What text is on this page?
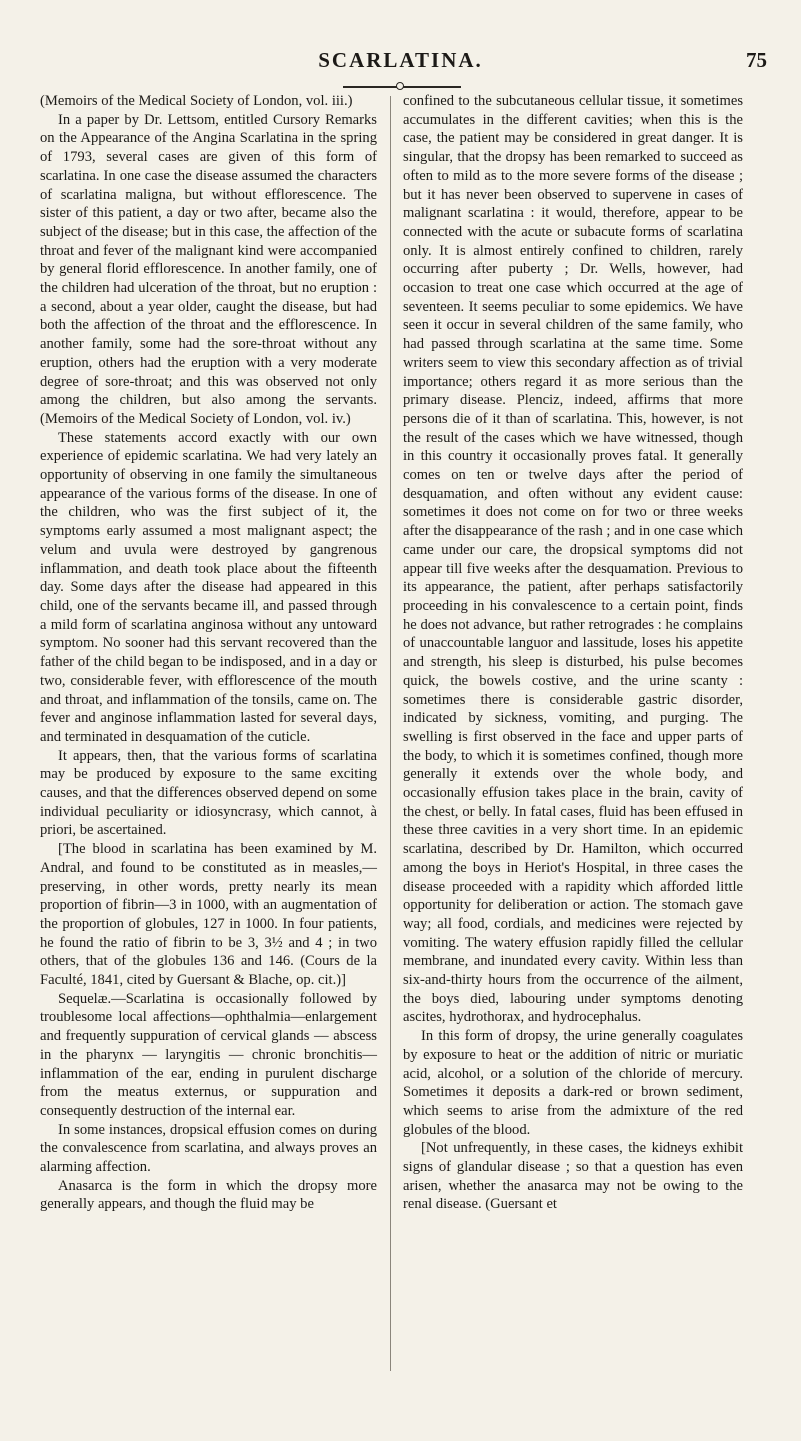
SCARLATINA.	75

(Memoirs of the Medical Society of London, vol. iii.)

In a paper by Dr. Lettsom, entitled Cursory Remarks on the Appearance of the Angina Scarlatina in the spring of 1793, several cases are given of this form of scarlatina. In one case the disease assumed the characters of scarlatina maligna, but without efflorescence. The sister of this patient, a day or two after, became also the subject of the disease; but in this case, the affection of the throat and fever of the malignant kind were accompanied by general florid efflorescence. In another family, one of the children had ulceration of the throat, but no eruption : a second, about a year older, caught the disease, but had both the affection of the throat and the efflorescence. In another family, some had the sore-throat without any eruption, others had the eruption with a very moderate degree of sore-throat; and this was observed not only among the children, but also among the servants. (Memoirs of the Medical Society of London, vol. iv.)

These statements accord exactly with our own experience of epidemic scarlatina. We had very lately an opportunity of observing in one family the simultaneous appearance of the various forms of the disease. In one of the children, who was the first subject of it, the symptoms early assumed a most malignant aspect; the velum and uvula were destroyed by gangrenous inflammation, and death took place about the fifteenth day. Some days after the disease had appeared in this child, one of the servants became ill, and passed through a mild form of scarlatina anginosa without any untoward symptom. No sooner had this servant recovered than the father of the child began to be indisposed, and in a day or two, considerable fever, with efflorescence of the mouth and throat, and inflammation of the tonsils, came on. The fever and anginose inflammation lasted for several days, and terminated in desquamation of the cuticle.

It appears, then, that the various forms of scarlatina may be produced by exposure to the same exciting causes, and that the differences observed depend on some individual peculiarity or idiosyncrasy, which cannot, à priori, be ascertained.

[The blood in scarlatina has been examined by M. Andral, and found to be constituted as in measles,— preserving, in other words, pretty nearly its mean proportion of fibrin—3 in 1000, with an augmentation of the proportion of globules, 127 in 1000. In four patients, he found the ratio of fibrin to be 3, 3½ and 4 ; in two others, that of the globules 136 and 146. (Cours de la Faculté, 1841, cited by Guersant & Blache, op. cit.)]

Sequelæ.—Scarlatina is occasionally followed by troublesome local affections—ophthalmia—enlargement and frequently suppuration of cervical glands — abscess in the pharynx — laryngitis — chronic bronchitis—inflammation of the ear, ending in purulent discharge from the meatus externus, or suppuration and consequently destruction of the internal ear.

In some instances, dropsical effusion comes on during the convalescence from scarlatina, and always proves an alarming affection.

Anasarca is the form in which the dropsy more generally appears, and though the fluid may be

confined to the subcutaneous cellular tissue, it sometimes accumulates in the different cavities; when this is the case, the patient may be considered in great danger. It is singular, that the dropsy has been remarked to succeed as often to mild as to the more severe forms of the disease ; but it has never been observed to supervene in cases of malignant scarlatina : it would, therefore, appear to be connected with the acute or subacute forms of scarlatina only. It is almost entirely confined to children, rarely occurring after puberty ; Dr. Wells, however, had occasion to treat one case which occurred at the age of seventeen. It seems peculiar to some epidemics. We have seen it occur in several children of the same family, who had passed through scarlatina at the same time. Some writers seem to view this secondary affection as of trivial importance; others regard it as more serious than the primary disease. Plenciz, indeed, affirms that more persons die of it than of scarlatina. This, however, is not the result of the cases which we have witnessed, though in this country it occasionally proves fatal. It generally comes on ten or twelve days after the period of desquamation, and often without any evident cause: sometimes it does not come on for two or three weeks after the disappearance of the rash ; and in one case which came under our care, the dropsical symptoms did not appear till five weeks after the desquamation. Previous to its appearance, the patient, after perhaps satisfactorily proceeding in his convalescence to a certain point, finds he does not advance, but rather retrogrades : he complains of unaccountable languor and lassitude, loses his appetite and strength, his sleep is disturbed, his pulse becomes quick, the bowels costive, and the urine scanty : sometimes there is considerable gastric disorder, indicated by sickness, vomiting, and purging. The swelling is first observed in the face and upper parts of the body, to which it is sometimes confined, though more generally it extends over the whole body, and occasionally effusion takes place in the brain, cavity of the chest, or belly. In fatal cases, fluid has been effused in these three cavities in a very short time. In an epidemic scarlatina, described by Dr. Hamilton, which occurred among the boys in Heriot's Hospital, in three cases the disease proceeded with a rapidity which afforded little opportunity for deliberation or action. The stomach gave way; all food, cordials, and medicines were rejected by vomiting. The watery effusion rapidly filled the cellular membrane, and inundated every cavity. Within less than six-and-thirty hours from the occurrence of the ailment, the boys died, labouring under symptoms denoting ascites, hydrothorax, and hydrocephalus.

In this form of dropsy, the urine generally coagulates by exposure to heat or the addition of nitric or muriatic acid, alcohol, or a solution of the chloride of mercury. Sometimes it deposits a dark-red or brown sediment, which seems to arise from the admixture of the red globules of the blood.

[Not unfrequently, in these cases, the kidneys exhibit signs of glandular disease ; so that a question has even arisen, whether the anasarca may not be owing to the renal disease. (Guersant et
